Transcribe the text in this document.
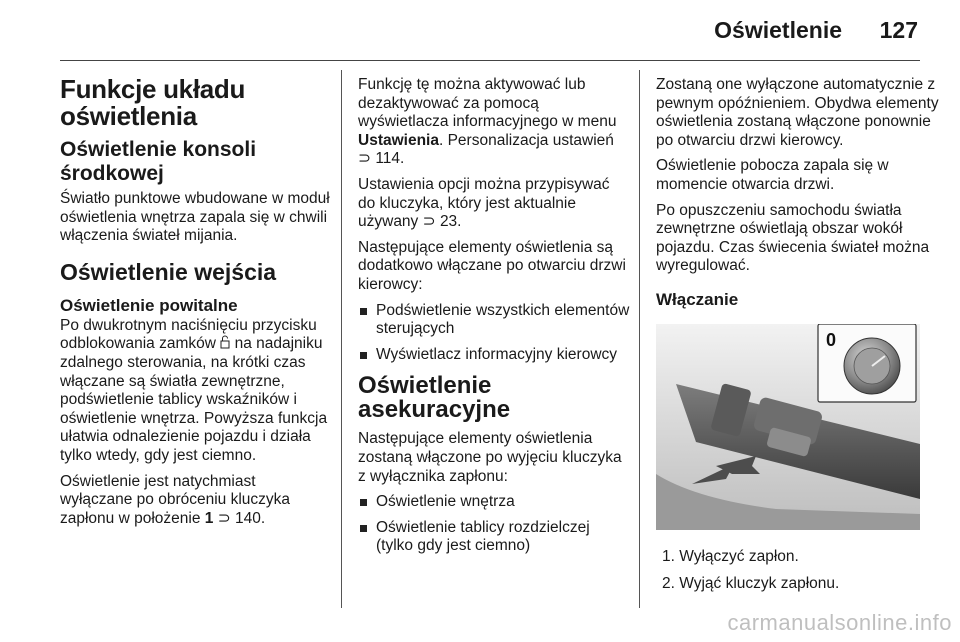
Oświetlenie 127
Funkcje układu oświetlenia
Oświetlenie konsoli środkowej

Światło punktowe wbudowane w moduł oświetlenia wnętrza zapala się w chwili włączenia świateł mijania.

Oświetlenie wejścia
Oświetlenie powitalne

Po dwukrotnym naciśnięciu przycisku odblokowania zamków na nadajniku zdalnego sterowania, na krótki czas włączane są światła zewnętrzne, podświetlenie tablicy wskaźników i oświetlenie wnętrza. Powyższa funkcja ułatwia odnalezienie pojazdu i działa tylko wtedy, gdy jest ciemno.

Oświetlenie jest natychmiast wyłączane po obróceniu kluczyka zapłonu w położenie 1 ⊃ 140.

Funkcję tę można aktywować lub dezaktywować za pomocą wyświetlacza informacyjnego w menu Ustawienia. Personalizacja ustawień ⊃ 114.

Ustawienia opcji można przypisywać do kluczyka, który jest aktualnie używany ⊃ 23.

Następujące elementy oświetlenia są dodatkowo włączane po otwarciu drzwi kierowcy:

Podświetlenie wszystkich elementów sterujących
Wyświetlacz informacyjny kierowcy
Oświetlenie asekuracyjne

Następujące elementy oświetlenia zostaną włączone po wyjęciu kluczyka z wyłącznika zapłonu:

Oświetlenie wnętrza
Oświetlenie tablicy rozdzielczej (tylko gdy jest ciemno)

Zostaną one wyłączone automatycznie z pewnym opóźnieniem. Obydwa elementy oświetlenia zostaną włączone ponownie po otwarciu drzwi kierowcy.

Oświetlenie pobocza zapala się w momencie otwarcia drzwi.

Po opuszczeniu samochodu światła zewnętrzne oświetlają obszar wokół pojazdu. Czas świecenia świateł można wyregulować.

Włączanie
0
1. Wyłączyć zapłon.
2. Wyjąć kluczyk zapłonu.
carmanualsonline.info
